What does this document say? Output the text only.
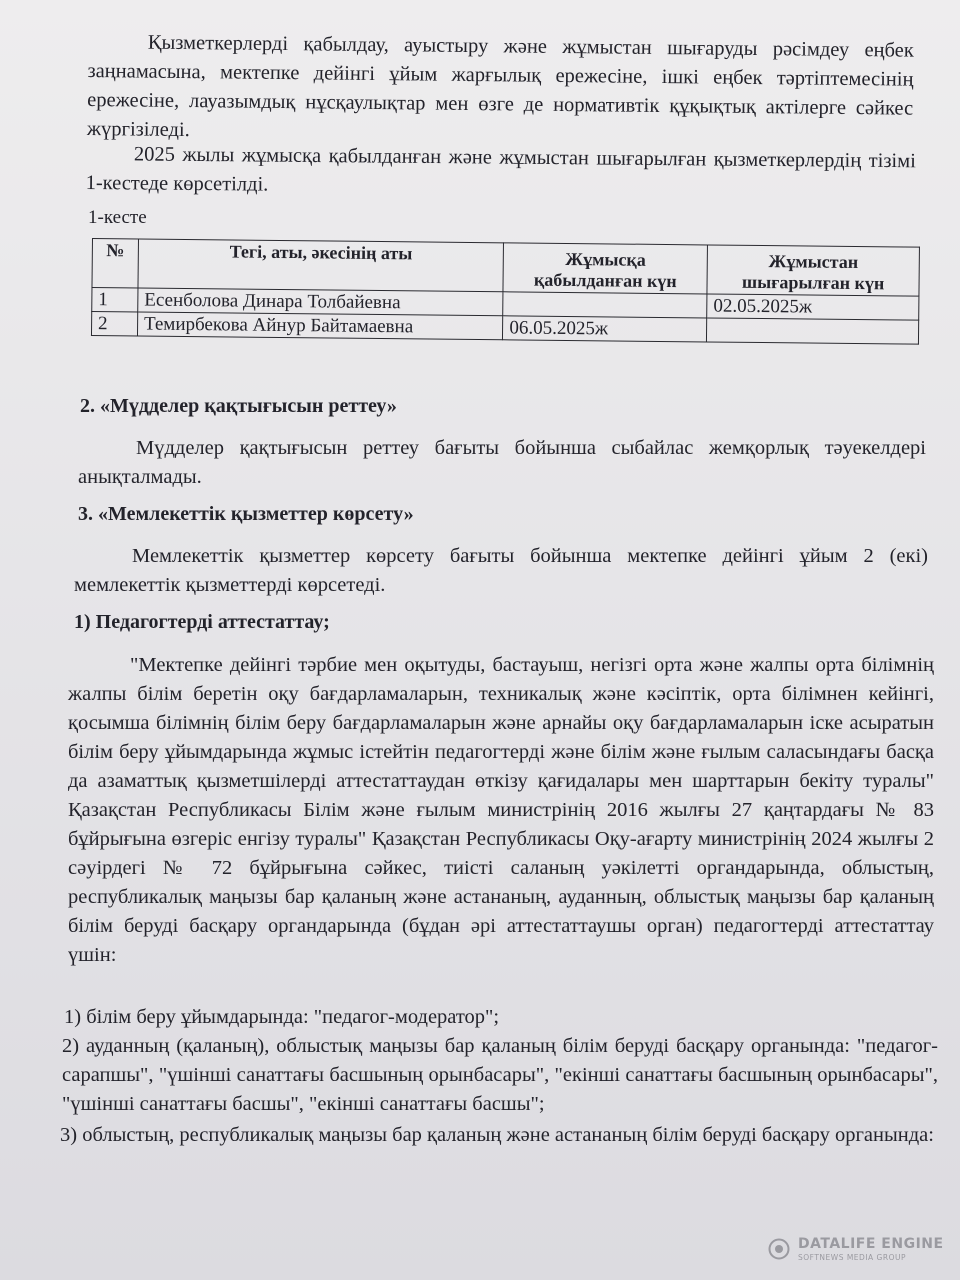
Қызметкерлерді қабылдау, ауыстыру және жұмыстан шығаруды рәсімдеу еңбек заңнамасына, мектепке дейінгі ұйым жарғылық ережесіне, ішкі еңбек тәртіптемесінің ережесіне, лауазымдық нұсқаулықтар мен өзге де нормативтік құқықтық актілерге сәйкес жүргізіледі.

2025 жылы жұмысқа қабылданған және жұмыстан шығарылған қызметкерлердің тізімі 1-кестеде көрсетілді.

1-кесте
№	Тегі, аты, әкесінің аты	Жұмысқа қабылданған күн	Жұмыстан шығарылған күн
1	Есенболова Динара Толбайевна		02.05.2025ж
2	Темирбекова Айнур Байтамаевна	06.05.2025ж	
2. «Мүдделер қақтығысын реттеу»

Мүдделер қақтығысын реттеу бағыты бойынша сыбайлас жемқорлық тәуекелдері анықталмады.

3. «Мемлекеттік қызметтер көрсету»

Мемлекеттік қызметтер көрсету бағыты бойынша мектепке дейінгі ұйым 2 (екі) мемлекеттік қызметтерді көрсетеді.

1) Педагогтерді аттестаттау;

"Мектепке дейінгі тәрбие мен оқытуды, бастауыш, негізгі орта және жалпы орта білімнің жалпы білім беретін оқу бағдарламаларын, техникалық және кәсіптік, орта білімнен кейінгі, қосымша білімнің білім беру бағдарламаларын және арнайы оқу бағдарламаларын іске асыратын білім беру ұйымдарында жұмыс істейтін педагогтерді және білім және ғылым саласындағы басқа да азаматтық қызметшілерді аттестаттаудан өткізу қағидалары мен шарттарын бекіту туралы" Қазақстан Республикасы Білім және ғылым министрінің 2016 жылғы 27 қаңтардағы № 83 бұйрығына өзгеріс енгізу туралы" Қазақстан Республикасы Оқу-ағарту министрінің 2024 жылғы 2 сәуірдегі № 72 бұйрығына сәйкес, тиісті саланың уәкілетті органдарында, облыстың, республикалық маңызы бар қаланың және астананың, ауданның, облыстық маңызы бар қаланың білім беруді басқару органдарында (бұдан әрі аттестаттаушы орган) педагогтерді аттестаттау үшін:

1) білім беру ұйымдарында: "педагог-модератор";

2) ауданның (қаланың), облыстық маңызы бар қаланың білім беруді басқару органында: "педагог-сарапшы", "үшінші санаттағы басшының орынбасары", "екінші санаттағы басшының орынбасары", "үшінші санаттағы басшы", "екінші санаттағы басшы";

3) облыстың, республикалық маңызы бар қаланың және астананың білім беруді басқару органында:

DATALIFE ENGINE
SOFTNEWS MEDIA GROUP
